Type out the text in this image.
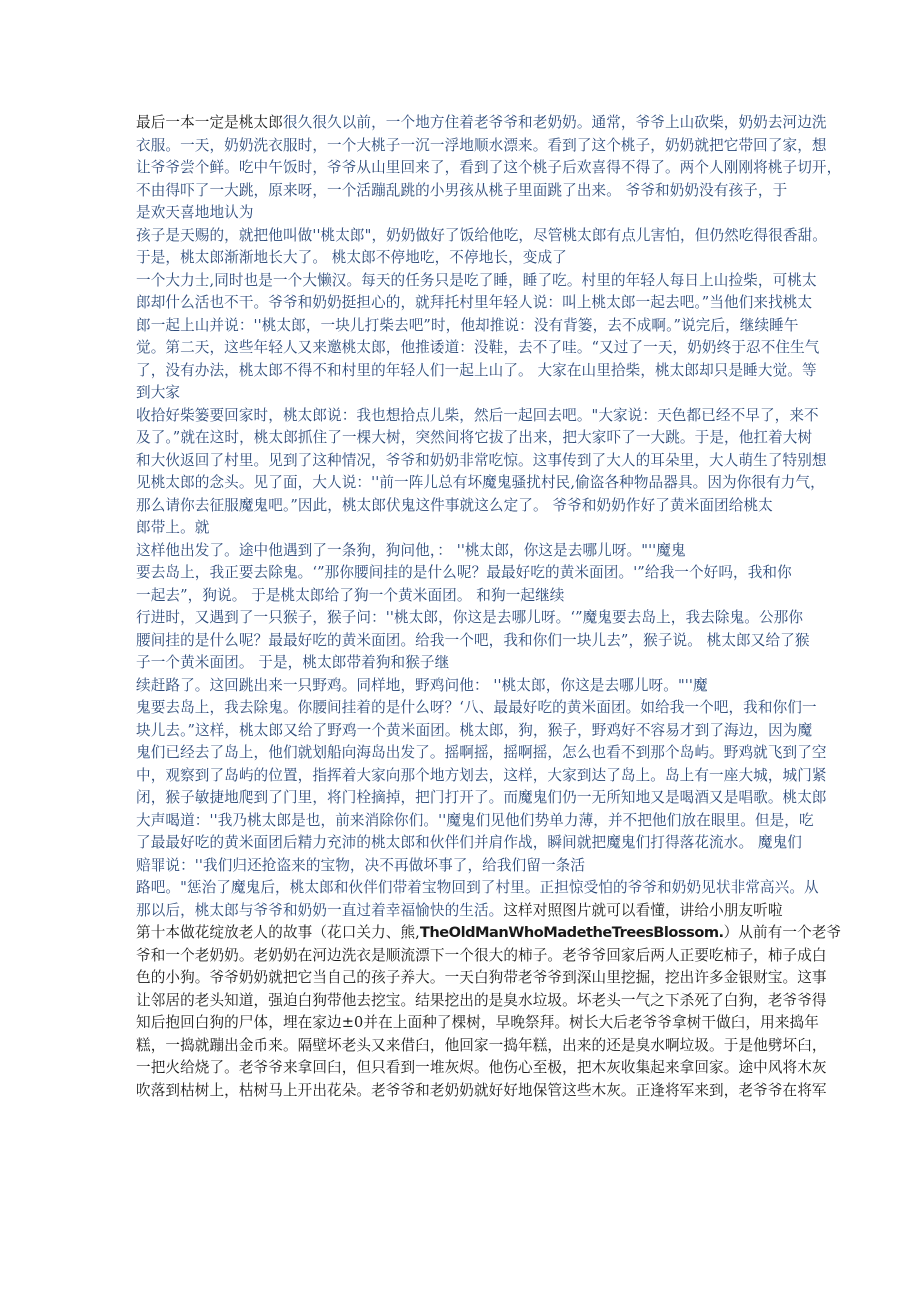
最后一本一定是桃太郎很久很久以前，一个地方住着老爷爷和老奶奶。通常，爷爷上山砍柴，奶奶去河边洗
衣服。一天，奶奶洗衣服时，一个大桃子一沉一浮地顺水漂来。看到了这个桃子，奶奶就把它带回了家，想
让爷爷尝个鲜。吃中午饭时，爷爷从山里回来了，看到了这个桃子后欢喜得不得了。两个人刚刚将桃子切开，
不由得吓了一大跳，原来呀，一个活蹦乱跳的小男孩从桃子里面跳了出来。 爷爷和奶奶没有孩子，于
是欢天喜地地认为
孩子是天赐的，就把他叫做''桃太郎"，奶奶做好了饭给他吃，尽管桃太郎有点儿害怕，但仍然吃得很香甜。
于是，桃太郎渐渐地长大了。 桃太郎不停地吃，不停地长，变成了
一个大力士,同时也是一个大懒汉。每天的任务只是吃了睡，睡了吃。村里的年轻人每日上山捡柴，可桃太
郎却什么活也不干。爷爷和奶奶挺担心的，就拜托村里年轻人说：叫上桃太郎一起去吧。”当他们来找桃太
郎一起上山并说：''桃太郎，一块儿打柴去吧”时，他却推说：没有背篓，去不成啊。”说完后，继续睡午
觉。第二天，这些年轻人又来邀桃太郎，他推诿道：没鞋，去不了哇。“又过了一天，奶奶终于忍不住生气
了，没有办法，桃太郎不得不和村里的年轻人们一起上山了。 大家在山里拾柴，桃太郎却只是睡大觉。等
到大家
收拾好柴篓要回家时，桃太郎说：我也想拾点儿柴，然后一起回去吧。"大家说：天色都已经不早了，来不
及了。”就在这时，桃太郎抓住了一棵大树，突然间将它拔了出来，把大家吓了一大跳。于是，他扛着大树
和大伙返回了村里。见到了这种情况，爷爷和奶奶非常吃惊。这事传到了大人的耳朵里，大人萌生了特别想
见桃太郎的念头。见了面，大人说：''前一阵儿总有坏魔鬼骚扰村民,偷盗各种物品器具。因为你很有力气，
那么请你去征服魔鬼吧。”因此，桃太郎伏鬼这件事就这么定了。 爷爷和奶奶作好了黄米面团给桃太
郎带上。就
这样他出发了。途中他遇到了一条狗，狗问他，： ''桃太郎，你这是去哪儿呀。"''魔鬼
要去岛上，我正要去除鬼。‘”那你腰间挂的是什么呢？最最好吃的黄米面团。'”给我一个好吗，我和你
一起去”，狗说。 于是桃太郎给了狗一个黄米面团。 和狗一起继续
行进时，又遇到了一只猴子，猴子问：''桃太郎，你这是去哪儿呀。‘”魔鬼要去岛上，我去除鬼。公那你
腰间挂的是什么呢？最最好吃的黄米面团。给我一个吧，我和你们一块儿去”，猴子说。 桃太郎又给了猴
子一个黄米面团。 于是，桃太郎带着狗和猴子继
续赶路了。这回跳出来一只野鸡。同样地，野鸡问他： ''桃太郎，你这是去哪儿呀。"''魔
鬼要去岛上，我去除鬼。你腰间挂着的是什么呀？‘八、最最好吃的黄米面团。如给我一个吧，我和你们一
块儿去。”这样，桃太郎又给了野鸡一个黄米面团。桃太郎，狗，猴子，野鸡好不容易才到了海边，因为魔
鬼们已经去了岛上，他们就划船向海岛出发了。摇啊摇，摇啊摇，怎么也看不到那个岛屿。野鸡就飞到了空
中，观察到了岛屿的位置，指挥着大家向那个地方划去，这样，大家到达了岛上。岛上有一座大城，城门紧
闭，猴子敏捷地爬到了门里，将门栓摘掉，把门打开了。而魔鬼们仍一无所知地又是喝酒又是唱歌。桃太郎
大声喝道：''我乃桃太郎是也，前来消除你们。''魔鬼们见他们势单力薄，并不把他们放在眼里。但是，吃
了最最好吃的黄米面团后精力充沛的桃太郎和伙伴们并肩作战，瞬间就把魔鬼们打得落花流水。 魔鬼们
赔罪说：''我们归还抢盗来的宝物，决不再做坏事了，给我们留一条活
路吧。"惩治了魔鬼后，桃太郎和伙伴们带着宝物回到了村里。正担惊受怕的爷爷和奶奶见状非常高兴。从
那以后，桃太郎与爷爷和奶奶一直过着幸福愉快的生活。这样对照图片就可以看懂，讲给小朋友听啦
第十本做花绽放老人的故事（花口关力、熊,TheOldManWhoMadetheTreesBlossom.）从前有一个老爷
爷和一个老奶奶。老奶奶在河边洗衣是顺流漂下一个很大的柿子。老爷爷回家后两人正要吃柿子，柿子成白
色的小狗。爷爷奶奶就把它当自己的孩子养大。一天白狗带老爷爷到深山里挖掘，挖出许多金银财宝。这事
让邻居的老头知道，强迫白狗带他去挖宝。结果挖出的是臭水垃圾。坏老头一气之下杀死了白狗，老爷爷得
知后抱回白狗的尸体，埋在家边±0并在上面种了棵树，早晚祭拜。树长大后老爷爷拿树干做臼，用来捣年
糕，一捣就蹦出金币来。隔壁坏老头又来借臼，他回家一捣年糕，出来的还是臭水啊垃圾。于是他劈坏臼，
一把火给烧了。老爷爷来拿回臼，但只看到一堆灰烬。他伤心至极，把木灰收集起来拿回家。途中风将木灰
吹落到枯树上，枯树马上开出花朵。老爷爷和老奶奶就好好地保管这些木灰。正逢将军来到，老爷爷在将军
